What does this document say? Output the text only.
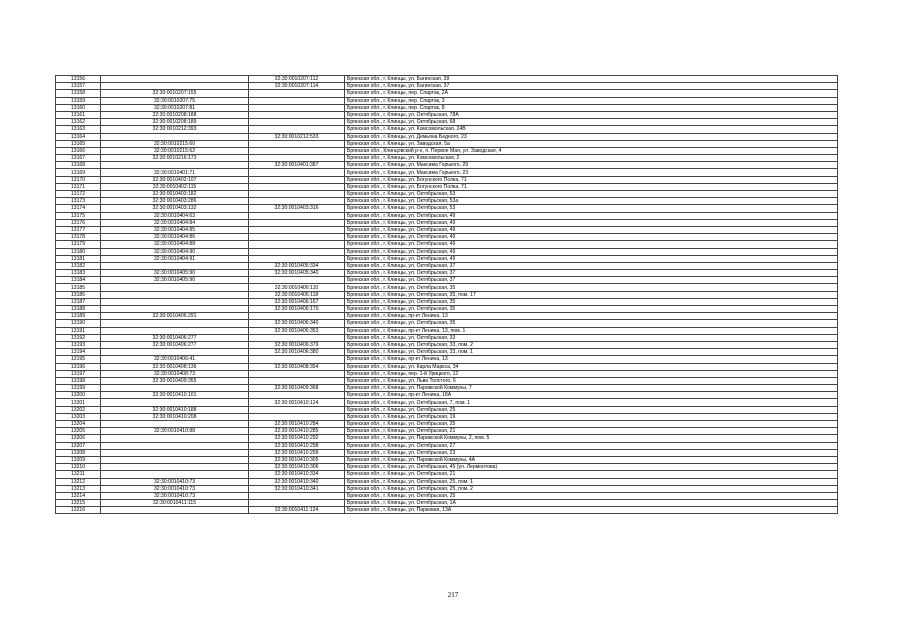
13156		32:30:0010207:112	Брянская обл., г. Клинцы, ул. Багинская, 39
13157		32:30:0010207:114	Брянская обл., г. Клинцы, ул. Багинская, 37
13158	32:30:0010207:155		Брянская обл., г. Клинцы, пер. Спартак, 2А
13159	32:30:0010207:75		Брянская обл., г. Клинцы, пер. Спартак, 3
13160	32:30:0010207:81		Брянская обл., г. Клинцы, пер. Спартак, 8
13161	32:30:0010208:188		Брянская обл., г. Клинцы, ул. Октябрьская, 78А
13162	32:30:0010208:189		Брянская обл., г. Клинцы, ул. Октябрьская, 68
13163	32:30:0010212:393		Брянская обл., г. Клинцы, ул. Комсомольская, 24В
13164		32:30:0010212:533	Брянская обл., г. Клинцы, ул. Демьяна Бедного, 23
13165	32:30:0010215:60		Брянская обл., г. Клинцы, ул. Заводская, 5а
13166	32:30:0010215:62		Брянская обл., Клинцовский р-н, п. Первое Мая, ул. Заводская, 4
13167	32:30:0010216:173		Брянская обл., г. Клинцы, ул. Комсомольская, 2
13168		32:30:0010401:387	Брянская обл., г. Клинцы, ул. Максима Горького, 29
13169	32:30:0010401:71		Брянская обл., г. Клинцы, ул. Максима Горького, 23
13170	32:30:0010402:107		Брянская обл., г. Клинцы, ул. Богунского Полка, 71
13171	32:30:0010402:115		Брянская обл., г. Клинцы, ул. Богунского Полка, 71
13172	32:30:0010403:182		Брянская обл., г. Клинцы, ул. Октябрьская, 53
13173	32:30:0010403:286		Брянская обл., г. Клинцы, ул. Октябрьская, 53а
13174	32:30:0010403:132	32:30:0010403:316	Брянская обл., г. Клинцы, ул. Октябрьская, 53
13175	32:30:0010404:63		Брянская обл., г. Клинцы, ул. Октябрьская, 49
13176	32:30:0010404:84		Брянская обл., г. Клинцы, ул. Октябрьская, 49
13177	32:30:0010404:85		Брянская обл., г. Клинцы, ул. Октябрьская, 49
13178	32:30:0010404:86		Брянская обл., г. Клинцы, ул. Октябрьская, 49
13179	32:30:0010404:88		Брянская обл., г. Клинцы, ул. Октябрьская, 49
13180	32:30:0010404:90		Брянская обл., г. Клинцы, ул. Октябрьская, 49
13181	32:30:0010404:91		Брянская обл., г. Клинцы, ул. Октябрьская, 49
13182		32:30:0010405:334	Брянская обл., г. Клинцы, ул. Октябрьская, 37
13183	32:30:0010405:90	32:30:0010405:340	Брянская обл., г. Клинцы, ул. Октябрьская, 37
13184	32:30:0010405:90		Брянская обл., г. Клинцы, ул. Октябрьская, 37
13185		32:30:0010406:110	Брянская обл., г. Клинцы, ул. Октябрьская, 35
13186		32:30:0010406:118	Брянская обл., г. Клинцы, ул. Октябрьская, 35, пом. 17
13187		32:30:0010406:167	Брянская обл., г. Клинцы, ул. Октябрьская, 35
13188		32:30:0010406:170	Брянская обл., г. Клинцы, ул. Октябрьская, 35
13189	32:30:0010406:291		Брянская обл., г. Клинцы, пр-кт Ленина, 13
13190		32:30:0010406:340	Брянская обл., г. Клинцы, ул. Октябрьская, 35
13191		32:30:0010406:353	Брянская обл., г. Клинцы, пр-кт Ленина, 13, пом. 1
13192	32:30:0010406:277		Брянская обл., г. Клинцы, ул. Октябрьская, 33
13193	32:30:0010406:277	32:30:0010406:379	Брянская обл., г. Клинцы, ул. Октябрьская, 33, пом. 2
13194		32:30:0010406:380	Брянская обл., г. Клинцы, ул. Октябрьская, 33, пом. 1
13195	32:30:0010406:41		Брянская обл., г. Клинцы, пр-кт Ленина, 13
13196	32:30:0010408:136	32:30:0010408:354	Брянская обл., г. Клинцы, ул. Карла Маркса, 34
13197	32:30:0010408:73		Брянская обл., г. Клинцы, пер. 1-й Урицкого, 12
13198	32:30:0010409:355		Брянская обл., г. Клинцы, ул. Льва Толстого, 6
13199		32:30:0010409:368	Брянская обл., г. Клинцы, ул. Парижской Коммуны, 7
13200	32:30:0010410:101		Брянская обл., г. Клинцы, пр-кт Ленина, 18А
13201		32:30:0010410:124	Брянская обл., г. Клинцы, ул. Октябрьская, 7, пом. 1
13202	32:30:0010410:188		Брянская обл., г. Клинцы, ул. Октябрьская, 25
13203	32:30:0010410:208		Брянская обл., г. Клинцы, ул. Октябрьская, 19
13204		32:30:0010410:284	Брянская обл., г. Клинцы, ул. Октябрьская, 25
13205	32:30:0010410:88	32:30:0010410:285	Брянская обл., г. Клинцы, ул. Октябрьская, 21
13206		32:30:0010410:292	Брянская обл., г. Клинцы, ул. Парижской Коммуны, 2, пом. 5
13207		32:30:0010410:298	Брянская обл., г. Клинцы, ул. Октябрьская, 27
13208		32:30:0010410:299	Брянская обл., г. Клинцы, ул. Октябрьская, 23
13209		32:30:0010410:305	Брянская обл., г. Клинцы, ул. Парижской Коммуны, 4А
13210		32:30:0010410:306	Брянская обл., г. Клинцы, ул. Октябрьская, 45 (ул. Лермонтова)
13211		32:30:0010410:334	Брянская обл., г. Клинцы, ул. Октябрьская, 21
13212	32:30:0010410:73	32:30:0010410:340	Брянская обл., г. Клинцы, ул. Октябрьская, 25, пом. 1
13213	32:30:0010410:73	32:30:0010410:341	Брянская обл., г. Клинцы, ул. Октябрьская, 25, пом. 2
13214	32:30:0010410:73		Брянская обл., г. Клинцы, ул. Октябрьская, 25
13215	32:30:0010411:115		Брянская обл., г. Клинцы, ул. Октябрьская, 1А
13216		32:30:0010411:124	Брянская обл., г. Клинцы, ул. Парковая, 13А
217
